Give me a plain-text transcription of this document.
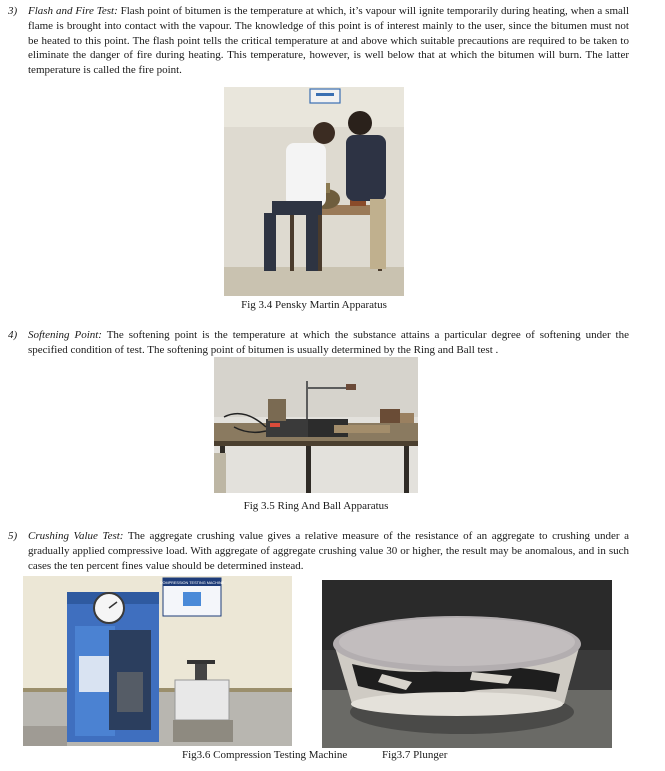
3) Flash and Fire Test: Flash point of bitumen is the temperature at which, it’s vapour will ignite temporarily during heating, when a small flame is brought into contact with the vapour. The knowledge of this point is of interest mainly to the user, since the bitumen must not be heated to this point. The flash point tells the critical temperature at and above which suitable precautions are required to be taken to eliminate the danger of fire during heating. This temperature, however, is well below that at which the bitumen will burn. The latter temperature is called the fire point.
Fig 3.4 Pensky Martin Apparatus
4) Softening Point: The softening point is the temperature at which the substance attains a particular degree of softening under the specified condition of test. The softening point of bitumen is usually determined by the Ring and Ball test .
Fig 3.5 Ring And Ball Apparatus
5) Crushing Value Test: The aggregate crushing value gives a relative measure of the resistance of an aggregate to crushing under a gradually applied compressive load. With aggregate of aggregate crushing value 30 or higher, the result may be anomalous, and in such cases the ten percent fines value should be determined instead.
COMPRESSION TESTING MACHINE
Fig3.6 Compression Testing Machine	Fig3.7 Plunger
